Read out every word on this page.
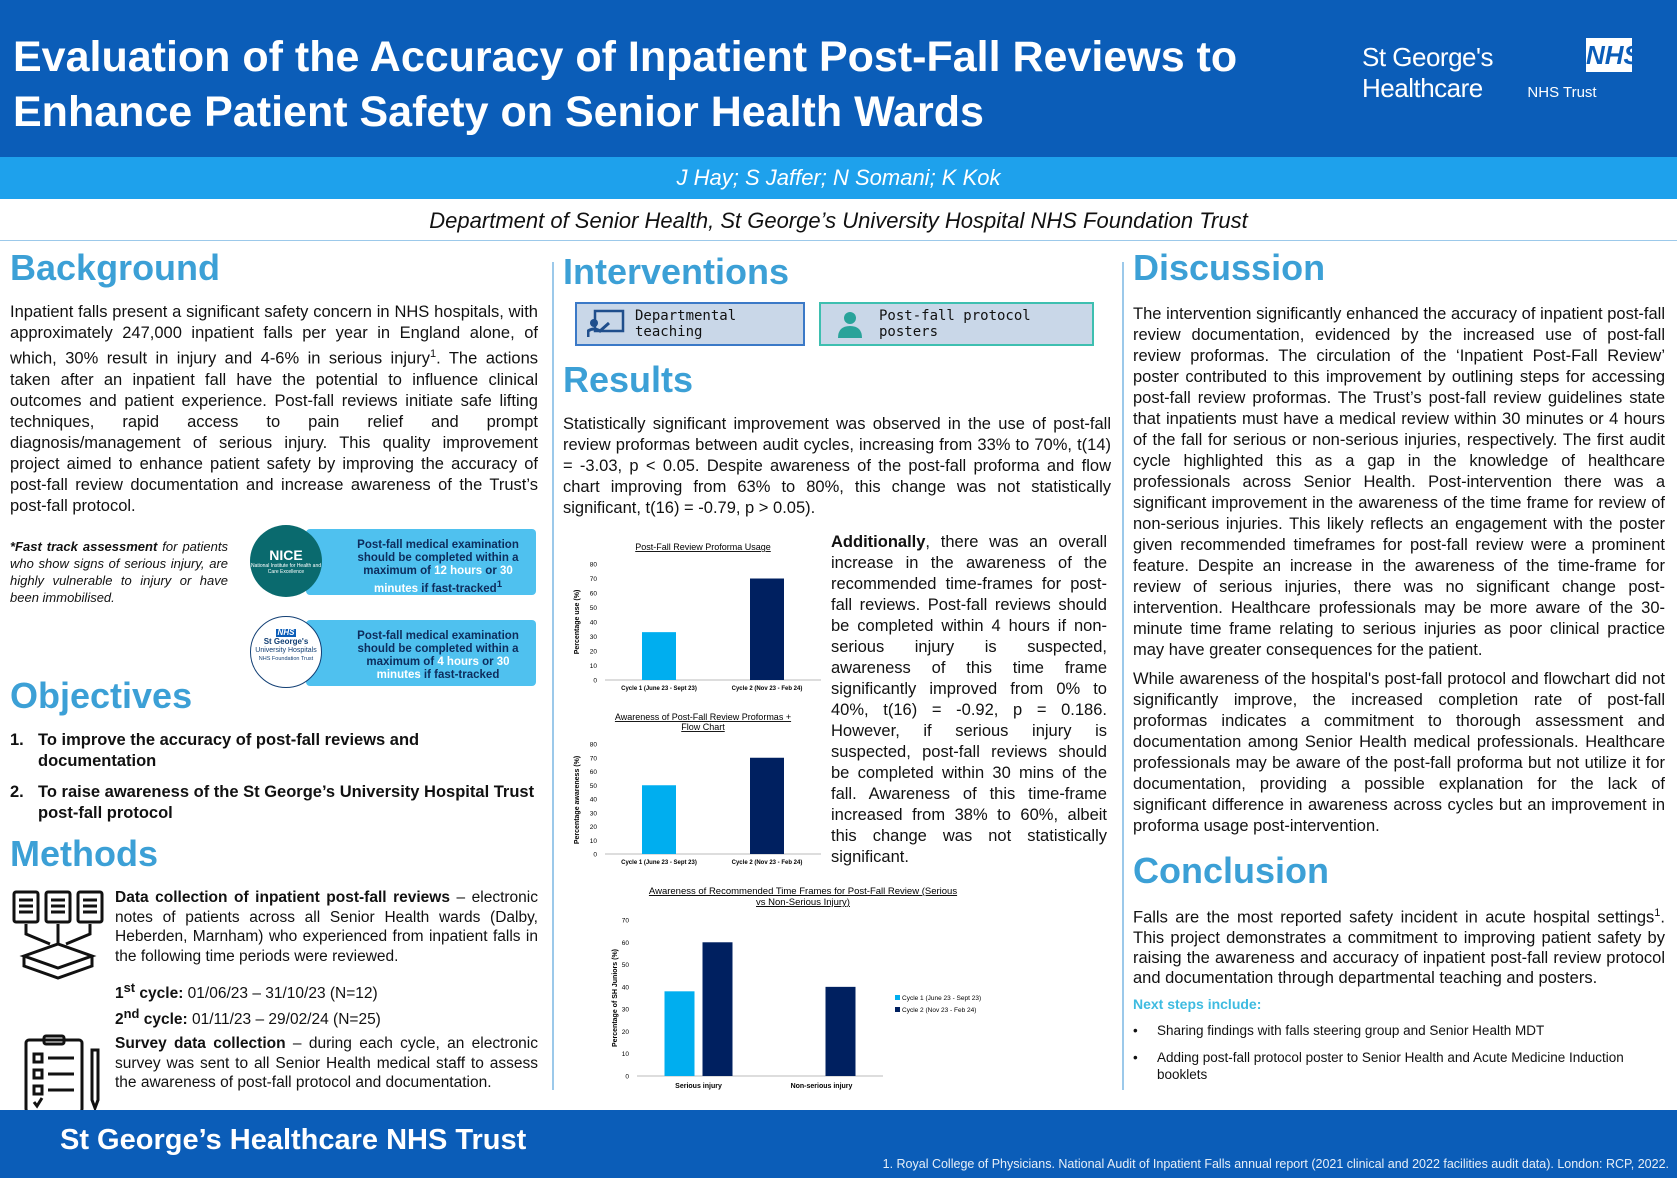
Evaluation of the Accuracy of Inpatient Post-Fall Reviews to Enhance Patient Safety on Senior Health Wards
St George's Healthcare
NHS
NHS Trust
J Hay; S Jaffer; N Somani; K Kok
Department of Senior Health, St George’s University Hospital NHS Foundation Trust
Background
Inpatient falls present a significant safety concern in NHS hospitals, with approximately 247,000 inpatient falls per year in England alone, of which, 30% result in injury and 4-6% in serious injury$^1$. The actions taken after an inpatient fall have the potential to influence clinical outcomes and patient experience. Post-fall reviews initiate safe lifting techniques, rapid access to pain relief and prompt diagnosis/management of serious injury. This quality improvement project aimed to enhance patient safety by improving the accuracy of post-fall review documentation and increase awareness of the Trust’s post-fall protocol.
*Fast track assessment for patients who show signs of serious injury, are highly vulnerable to injury or have been immobilised.
Post-fall medical examination should be completed within a maximum of 12 hours or 30 minutes if fast-tracked$^1$
NICE
National Institute for Health and Care Excellence
Post-fall medical examination should be completed within a maximum of 4 hours or 30 minutes if fast-tracked
NHS
St George's
University Hospitals
NHS Foundation Trust
Objectives
1. To improve the accuracy of post-fall reviews and documentation
2. To raise awareness of the St George’s University Hospital Trust post-fall protocol
Methods
Data collection of inpatient post-fall reviews – electronic notes of patients across all Senior Health wards (Dalby, Heberden, Marnham) who experienced from inpatient falls in the following time periods were reviewed.
1st cycle: 01/06/23 – 31/10/23 (N=12)
2nd cycle: 01/11/23 – 29/02/24 (N=25)
Survey data collection – during each cycle, an electronic survey was sent to all Senior Health medical staff to assess the awareness of post-fall protocol and documentation.
Interventions
Departmental teaching
Post-fall protocol posters
Results
Statistically significant improvement was observed in the use of post-fall review proformas between audit cycles, increasing from 33% to 70%, t(14) = -3.03, p < 0.05. Despite awareness of the post-fall proforma and flow chart improving from 63% to 80%, this change was not statistically significant, t(16) = -0.79, p > 0.05).
Post-Fall Review Proforma Usage
Percentage use (%)
0
10
20
30
40
50
60
70
80
Cycle 1 (June 23 - Sept 23)	Cycle 2 (Nov 23 - Feb 24)
Awareness of Post-Fall Review Proformas +
Flow Chart
Percentage awareness (%)
0
10
20
30
40
50
60
70
80
Cycle 1 (June 23 - Sept 23)	Cycle 2 (Nov 23 - Feb 24)
Additionally, there was an overall increase in the awareness of the recommended time-frames for post-fall reviews. Post-fall reviews should be completed within 4 hours if non-serious injury is suspected, awareness of this time frame significantly improved from 0% to 40%, t(16) = -0.92, p = 0.186. However, if serious injury is suspected, post-fall reviews should be completed within 30 mins of the fall. Awareness of this time-frame increased from 38% to 60%, albeit this change was not statistically significant.
Awareness of Recommended Time Frames for Post-Fall Review (Serious
vs Non-Serious Injury)
Percentage of SH Juniors (%)
0
10
20
30
40
50
60
70
Serious injury	Non-serious injury
Cycle 1 (June 23 - Sept 23)
Cycle 2 (Nov 23 - Feb 24)
Discussion
The intervention significantly enhanced the accuracy of inpatient post-fall review documentation, evidenced by the increased use of post-fall review proformas. The circulation of the ‘Inpatient Post-Fall Review’ poster contributed to this improvement by outlining steps for accessing post-fall review proformas. The Trust’s post-fall review guidelines state that inpatients must have a medical review within 30 minutes or 4 hours of the fall for serious or non-serious injuries, respectively. The first audit cycle highlighted this as a gap in the knowledge of healthcare professionals across Senior Health. Post-intervention there was a significant improvement in the awareness of the time frame for review of non-serious injuries. This likely reflects an engagement with the poster given recommended timeframes for post-fall review were a prominent feature. Despite an increase in the awareness of the time-frame for review of serious injuries, there was no significant change post-intervention. Healthcare professionals may be more aware of the 30-minute time frame relating to serious injuries as poor clinical practice may have greater consequences for the patient.
While awareness of the hospital's post-fall protocol and flowchart did not significantly improve, the increased completion rate of post-fall proformas indicates a commitment to thorough assessment and documentation among Senior Health medical professionals. Healthcare professionals may be aware of the post-fall proforma but not utilize it for documentation, providing a possible explanation for the lack of significant difference in awareness across cycles but an improvement in proforma usage post-intervention.
Conclusion
Falls are the most reported safety incident in acute hospital settings$^1$. This project demonstrates a commitment to improving patient safety by raising the awareness and accuracy of inpatient post-fall review protocol and documentation through departmental teaching and posters.
Next steps include:
• Sharing findings with falls steering group and Senior Health MDT
• Adding post-fall protocol poster to Senior Health and Acute Medicine Induction booklets
St George’s Healthcare NHS Trust
1. Royal College of Physicians. National Audit of Inpatient Falls annual report (2021 clinical and 2022 facilities audit data). London: RCP, 2022.
